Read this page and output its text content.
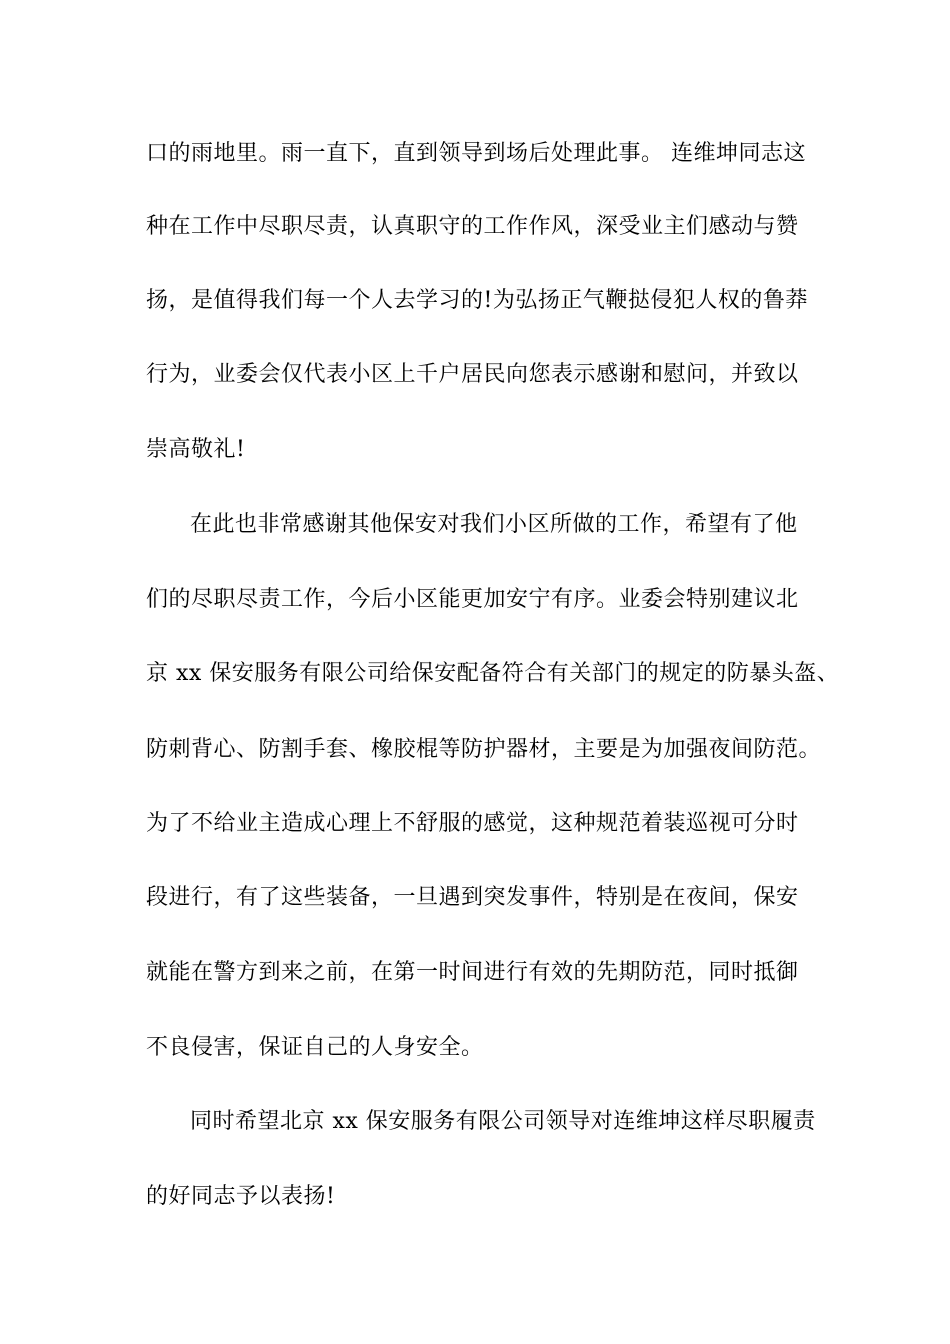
口的雨地里。雨一直下，直到领导到场后处理此事。 连维坤同志这
种在工作中尽职尽责，认真职守的工作作风，深受业主们感动与赞
扬，是值得我们每一个人去学习的!为弘扬正气鞭挞侵犯人权的鲁莽
行为，业委会仅代表小区上千户居民向您表示感谢和慰问，并致以
崇高敬礼!
在此也非常感谢其他保安对我们小区所做的工作，希望有了他
们的尽职尽责工作，今后小区能更加安宁有序。业委会特别建议北
京 xx 保安服务有限公司给保安配备符合有关部门的规定的防暴头盔、
防刺背心、防割手套、橡胶棍等防护器材，主要是为加强夜间防范。
为了不给业主造成心理上不舒服的感觉，这种规范着装巡视可分时
段进行，有了这些装备，一旦遇到突发事件，特别是在夜间，保安
就能在警方到来之前，在第一时间进行有效的先期防范，同时抵御
不良侵害，保证自己的人身安全。
同时希望北京 xx 保安服务有限公司领导对连维坤这样尽职履责
的好同志予以表扬!
